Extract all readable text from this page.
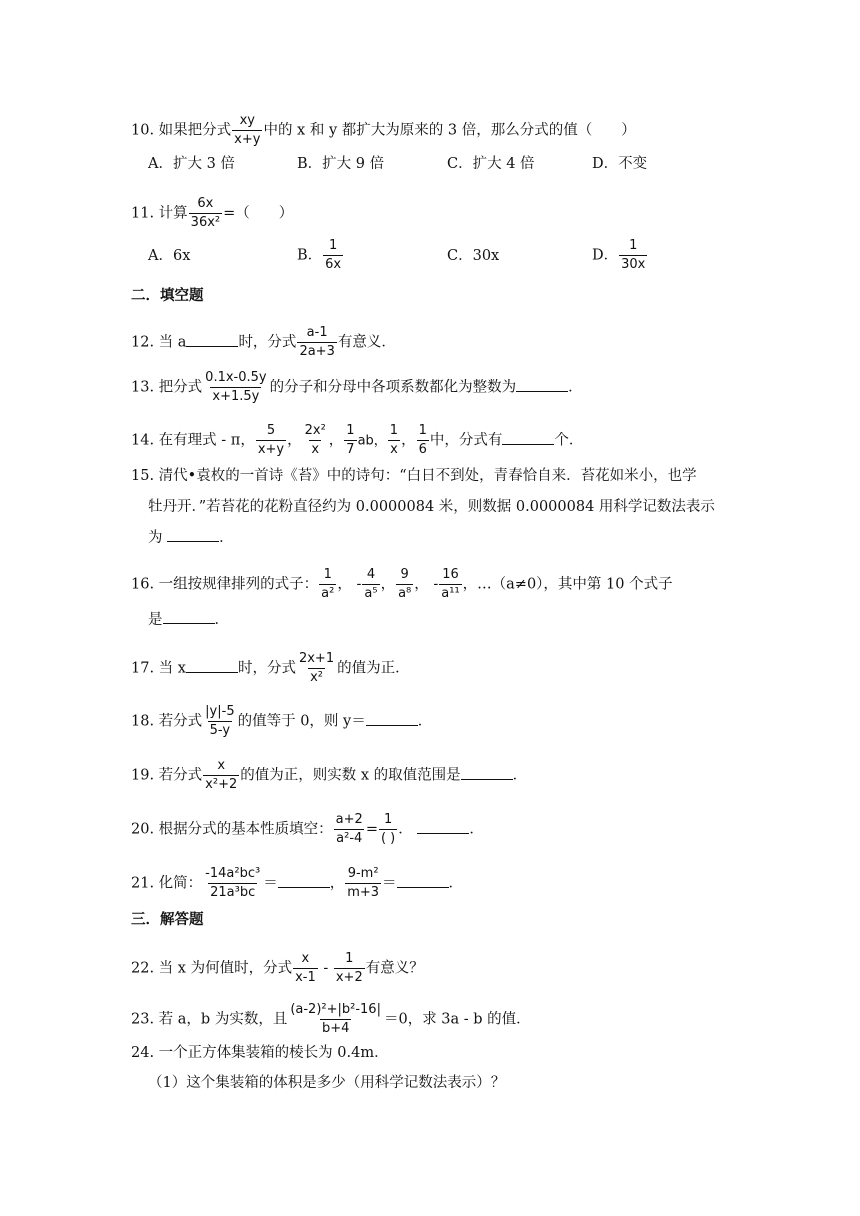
10. 如果把分式 $\frac{xy}{x+y}$ 中的 x 和 y 都扩大为原来的 3 倍，那么分式的值（　　）
A．扩大 3 倍	B．扩大 9 倍	C．扩大 4 倍	D．不变
11. 计算 $\frac{6x}{\text{36x²}}$ =（　　）
A．6x	B． $\frac{1}{6x}$	C．30x	D． $\frac{1}{30x}$
二．填空题
12. 当 a	时，分式 $\frac{a-1}{2a+3}$ 有意义．
13. 把分式 $\frac{0.1x-0.5y}{x+1.5y}$ 的分子和分母中各项系数都化为整数为	．
14. 在有理式 - π， $\frac{5}{x+y}$ ， $\frac{\text{2x²}}{x}$ ， $\frac{1}{7}$ ab， $\frac{1}{x}$ ， $\frac{1}{6}$ 中，分式有	个．
15. 清代•袁枚的一首诗《苔》中的诗句：“白日不到处，青春恰自来．苔花如米小，也学
牡丹开．”若苔花的花粉直径约为 0.0000084 米，则数据 0.0000084 用科学记数法表示
为	．
16. 一组按规律排列的式子： $\frac{1}{\text{a²}}$ ， - $\frac{4}{\text{a⁵}}$ ， $\frac{9}{\text{a⁸}}$ ， - $\frac{16}{\text{a¹¹}}$ ，…（a≠0），其中第 10 个式子
是	．
17. 当 x	时，分式 $\frac{2x+1}{\text{x²}}$ 的值为正．
18. 若分式 $\frac{|y|-5}{5-y}$ 的值等于 0，则 y＝	．
19. 若分式 $\frac{x}{\text{x²+2}}$ 的值为正，则实数 x 的取值范围是	．
20. 根据分式的基本性质填空： $\frac{a+2}{\text{a²-4}} = \frac{1}{( )}$ ．	．
21. 化简： $\frac{\text{-14a²bc³}}{\text{21a³bc}}$ ＝	， $\frac{\text{9-m²}}{m+3}$ ＝	．
三．解答题
22. 当 x 为何值时，分式 $\frac{x}{x-1} - \frac{1}{x+2}$ 有意义？
23. 若 a，b 为实数，且 $\frac{\text{(a-2)²+|b²-16|}}{b+4} =0$，求 3a - b 的值．
24. 一个正方体集装箱的棱长为 0.4m．
（1）这个集装箱的体积是多少（用科学记数法表示）？
